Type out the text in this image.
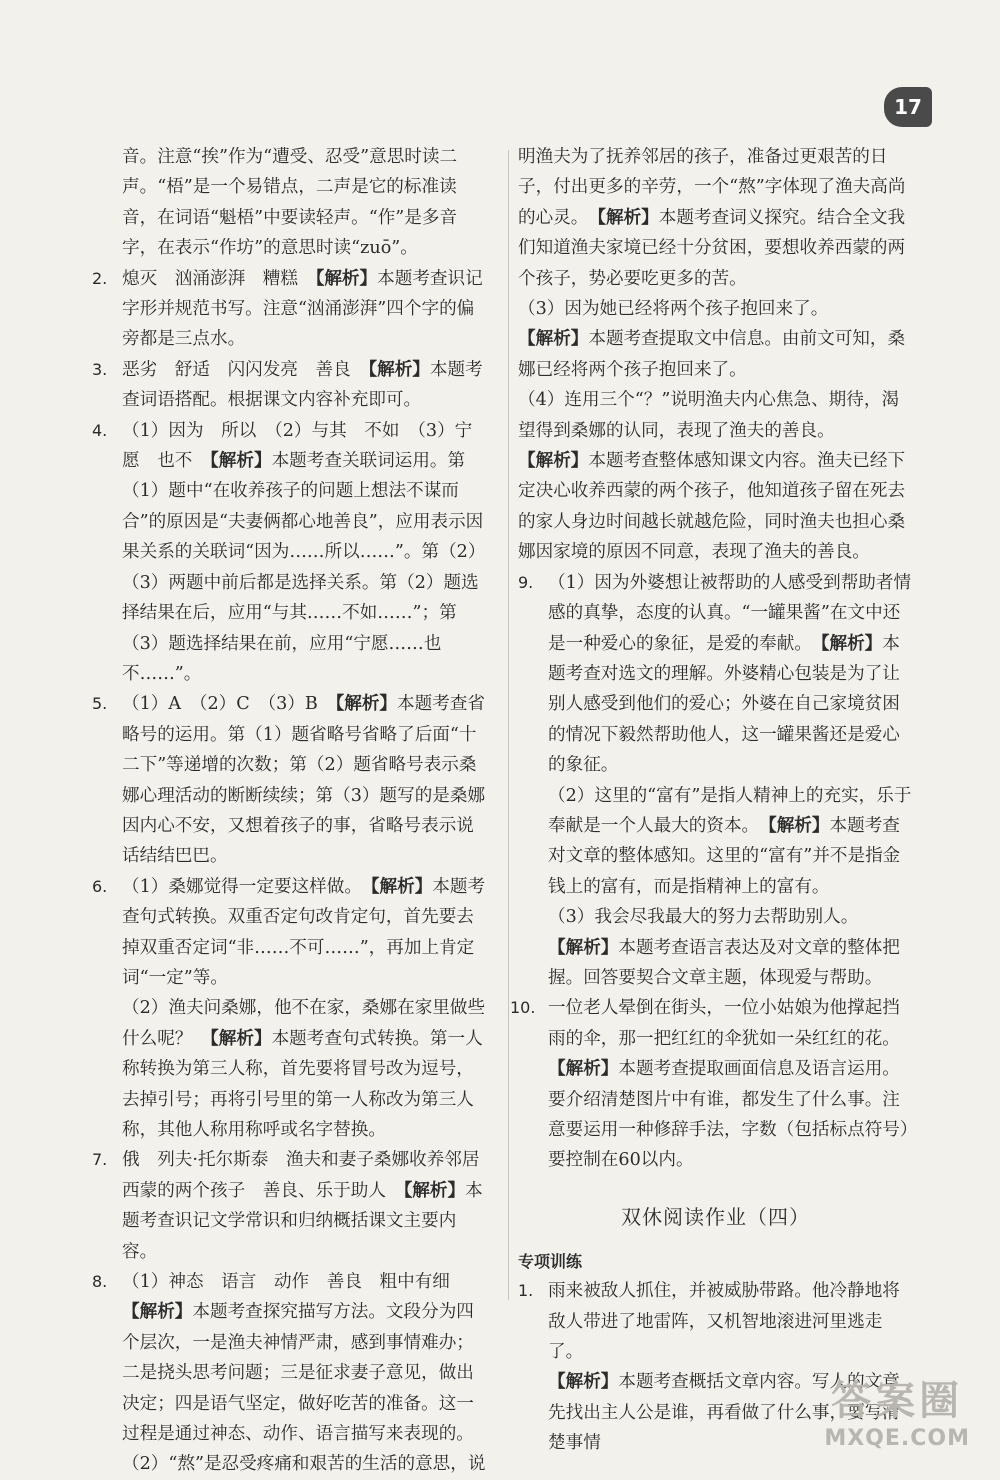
17
音。注意“挨”作为“遭受、忍受”意思时读二声。“梧”是一个易错点，二声是它的标准读音，在词语“魁梧”中要读轻声。“作”是多音字，在表示“作坊”的意思时读“zuō”。
2. 熄灭　汹涌澎湃　糟糕　【解析】本题考查识记字形并规范书写。注意“汹涌澎湃”四个字的偏旁都是三点水。
3. 恶劣　舒适　闪闪发亮　善良　【解析】本题考查词语搭配。根据课文内容补充即可。
4. （1）因为　所以　（2）与其　不如　（3）宁愿　也不　【解析】本题考查关联词运用。第（1）题中“在收养孩子的问题上想法不谋而合”的原因是“夫妻俩都心地善良”，应用表示因果关系的关联词“因为……所以……”。第（2）（3）两题中前后都是选择关系。第（2）题选择结果在后，应用“与其……不如……”；第（3）题选择结果在前，应用“宁愿……也不……”。
5. （1）A　（2）C　（3）B　【解析】本题考查省略号的运用。第（1）题省略号省略了后面“十二下”等递增的次数；第（2）题省略号表示桑娜心理活动的断断续续；第（3）题写的是桑娜因内心不安，又想着孩子的事，省略号表示说话结结巴巴。
6. （1）桑娜觉得一定要这样做。　【解析】本题考查句式转换。双重否定句改肯定句，首先要去掉双重否定词“非……不可……”，再加上肯定词“一定”等。
（2）渔夫问桑娜，他不在家，桑娜在家里做些什么呢？　【解析】本题考查句式转换。第一人称转换为第三人称，首先要将冒号改为逗号，去掉引号；再将引号里的第一人称改为第三人称，其他人称用称呼或名字替换。
7. 俄　列夫·托尔斯泰　渔夫和妻子桑娜收养邻居西蒙的两个孩子　善良、乐于助人　【解析】本题考查识记文学常识和归纳概括课文主要内容。
8. （1）神态　语言　动作　善良　粗中有细
【解析】本题考查探究描写方法。文段分为四个层次，一是渔夫神情严肃，感到事情难办；二是挠头思考问题；三是征求妻子意见，做出决定；四是语气坚定，做好吃苦的准备。这一过程是通过神态、动作、语言描写来表现的。
（2）“熬”是忍受疼痛和艰苦的生活的意思，说
明渔夫为了抚养邻居的孩子，准备过更艰苦的日子，付出更多的辛劳，一个“熬”字体现了渔夫高尚的心灵。　 【解析】本题考查词义探究。结合全文我们知道渔夫家境已经十分贫困，要想收养西蒙的两个孩子，势必要吃更多的苦。
（3）因为她已经将两个孩子抱回来了。
【解析】本题考查提取文中信息。由前文可知，桑娜已经将两个孩子抱回来了。
（4）连用三个“？”说明渔夫内心焦急、期待，渴望得到桑娜的认同，表现了渔夫的善良。
【解析】本题考查整体感知课文内容。渔夫已经下定决心收养西蒙的两个孩子，他知道孩子留在死去的家人身边时间越长就越危险，同时渔夫也担心桑娜因家境的原因不同意，表现了渔夫的善良。
9. （1）因为外婆想让被帮助的人感受到帮助者情感的真挚，态度的认真。“一罐果酱”在文中还是一种爱心的象征，是爱的奉献。　【解析】本题考查对选文的理解。外婆精心包装是为了让别人感受到他们的爱心；外婆在自己家境贫困的情况下毅然帮助他人，这一罐果酱还是爱心的象征。
（2）这里的“富有”是指人精神上的充实，乐于奉献是一个人最大的资本。　【解析】本题考查对文章的整体感知。这里的“富有”并不是指金钱上的富有，而是指精神上的富有。
（3）我会尽我最大的努力去帮助别人。
【解析】本题考查语言表达及对文章的整体把握。回答要契合文章主题，体现爱与帮助。
10. 一位老人晕倒在街头，一位小姑娘为他撑起挡雨的伞，那一把红红的伞犹如一朵红红的花。
【解析】本题考查提取画面信息及语言运用。要介绍清楚图片中有谁，都发生了什么事。注意要运用一种修辞手法，字数（包括标点符号）要控制在60以内。
双休阅读作业（四）
专项训练
1. 雨来被敌人抓住，并被威胁带路。他冷静地将敌人带进了地雷阵，又机智地滚进河里逃走了。
【解析】本题考查概括文章内容。写人的文章先找出主人公是谁，再看做了什么事，要写清楚事情
答案圈
MXQE.COM
